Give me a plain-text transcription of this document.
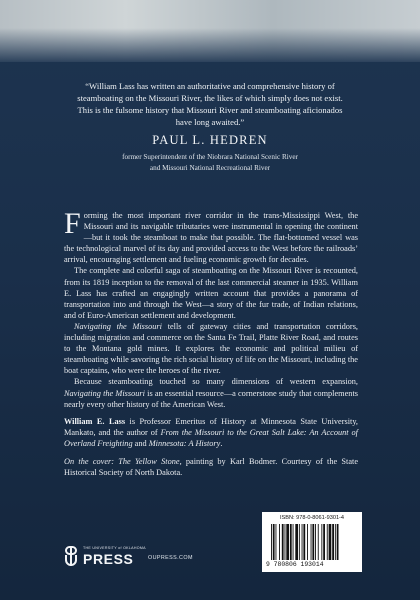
“William Lass has written an authoritative and comprehensive history of steamboating on the Missouri River, the likes of which simply does not exist. This is the fulsome history that Missouri River and steamboating aficionados have long awaited.”
PAUL L. HEDREN
former Superintendent of the Niobrara National Scenic River
and Missouri National Recreational River

Forming the most important river corridor in the trans-Mississippi West, the Missouri and its navigable tributaries were instrumental in opening the continent—but it took the steamboat to make that possible. The flat-bottomed vessel was the technological marvel of its day and provided access to the West before the railroads’ arrival, encouraging settlement and fueling economic growth for decades.

The complete and colorful saga of steamboating on the Missouri River is recounted, from its 1819 inception to the removal of the last commercial steamer in 1935. William E. Lass has crafted an engagingly written account that provides a panorama of transportation into and through the West—a story of the fur trade, of Indian relations, and of Euro-American settlement and development.

Navigating the Missouri tells of gateway cities and transportation corridors, including migration and commerce on the Santa Fe Trail, Platte River Road, and routes to the Montana gold mines. It explores the economic and political milieu of steamboating while savoring the rich social history of life on the Missouri, including the boat captains, who were the heroes of the river.

Because steamboating touched so many dimensions of western expansion, Navigating the Missouri is an essential resource—a cornerstone study that complements nearly every other history of the American West.

William E. Lass is Professor Emeritus of History at Minnesota State University, Mankato, and the author of From the Missouri to the Great Salt Lake: An Account of Overland Freighting and Minnesota: A History.

On the cover: The Yellow Stone, painting by Karl Bodmer. Courtesy of the State Historical Society of North Dakota.

THE UNIVERSITY of OKLAHOMA
PRESS	OUPRESS.COM
ISBN: 978-0-8061-9301-4
9 780806 193014
